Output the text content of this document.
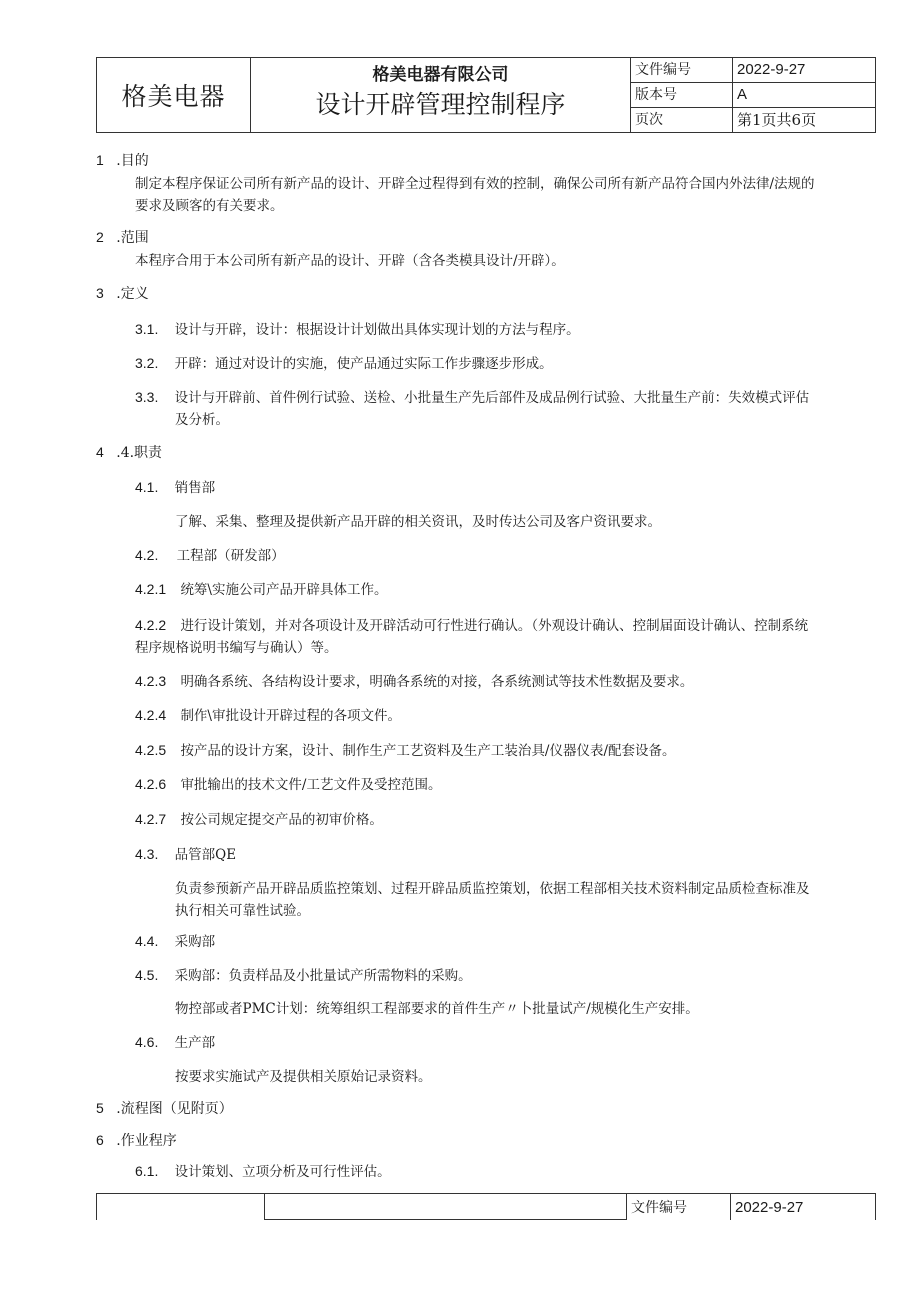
格美电器
格美电器有限公司
设计开辟管理控制程序
文件编号	2022-9-27
版本号	A
页次	第1页共6页
1 .目的
制定本程序保证公司所有新产品的设计、开辟全过程得到有效的控制，确保公司所有新产品符合国内外法律/法规的
要求及顾客的有关要求。
2 .范围
本程序合用于本公司所有新产品的设计、开辟（含各类模具设计/开辟）。
3 .定义
3.1. 设计与开辟，设计：根据设计计划做出具体实现计划的方法与程序。
3.2. 开辟：通过对设计的实施，使产品通过实际工作步骤逐步形成。
3.3. 设计与开辟前、首件例行试验、送检、小批量生产先后部件及成品例行试验、大批量生产前：失效模式评估
及分析。
4 .4.职责
4.1. 销售部
了解、采集、整理及提供新产品开辟的相关资讯，及时传达公司及客户资讯要求。
4.2. 工程部（研发部）
4.2.1 统筹\实施公司产品开辟具体工作。
4.2.2 进行设计策划，并对各项设计及开辟活动可行性进行确认。（外观设计确认、控制届面设计确认、控制系统
程序规格说明书编写与确认）等。
4.2.3 明确各系统、各结构设计要求，明确各系统的对接，各系统测试等技术性数据及要求。
4.2.4 制作\审批设计开辟过程的各项文件。
4.2.5 按产品的设计方案，设计、制作生产工艺资料及生产工装治具/仪器仪表/配套设备。
4.2.6 审批输出的技术文件/工艺文件及受控范围。
4.2.7 按公司规定提交产品的初审价格。
4.3. 品管部QE
负责参预新产品开辟品质监控策划、过程开辟品质监控策划，依据工程部相关技术资料制定品质检查标准及
执行相关可靠性试验。
4.4. 采购部
4.5. 采购部：负责样品及小批量试产所需物料的采购。
物控部或者PMC计划：统筹组织工程部要求的首件生产〃卜批量试产/规模化生产安排。
4.6. 生产部
按要求实施试产及提供相关原始记录资料。
5 .流程图（见附页）
6 .作业程序
6.1. 设计策划、立项分析及可行性评估。
文件编号	2022-9-27
